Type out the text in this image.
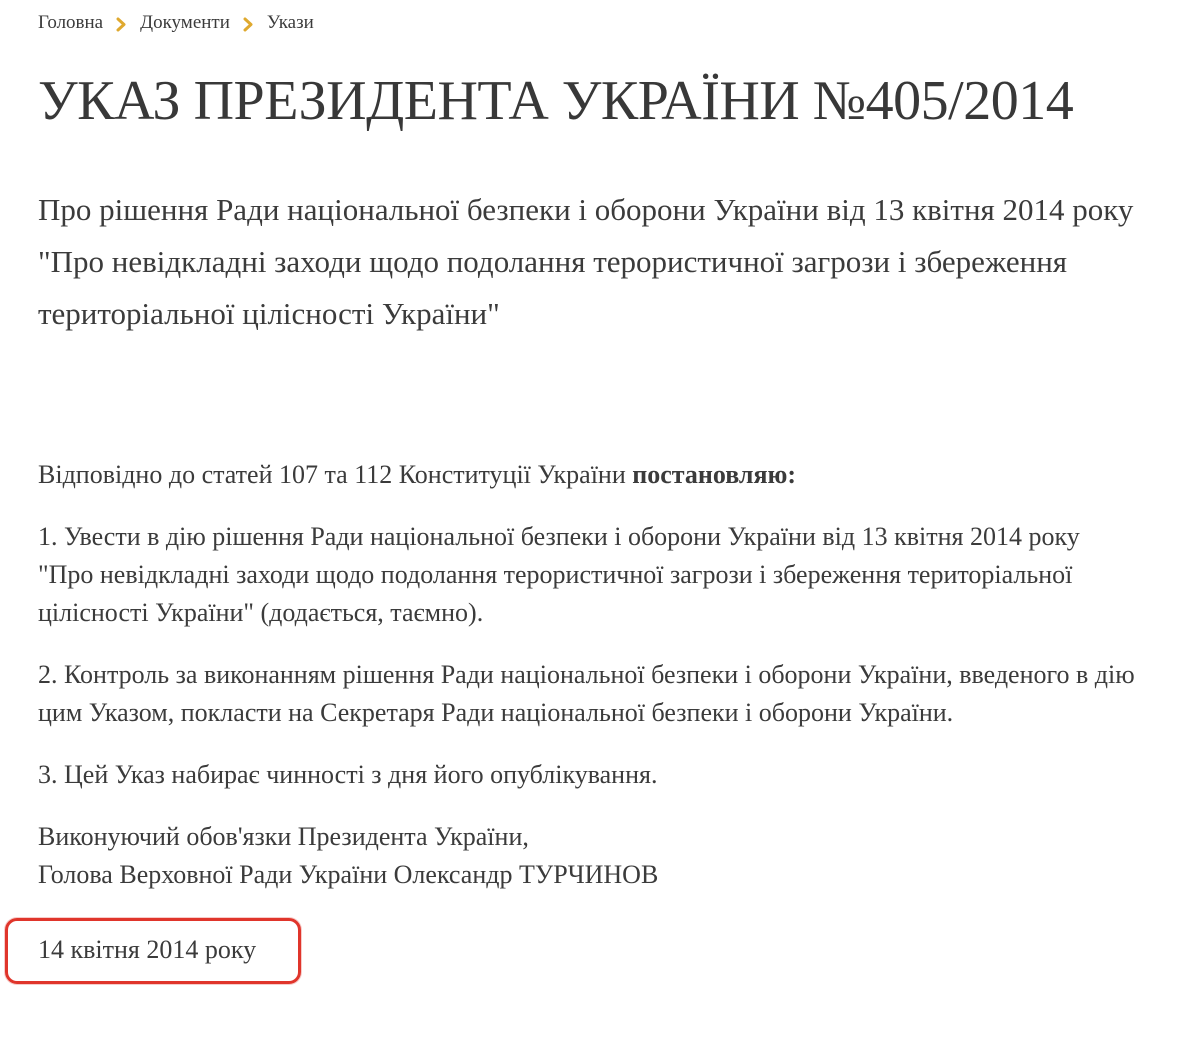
Головна Документи Укази
УКАЗ ПРЕЗИДЕНТА УКРАЇНИ №405/2014
Про рішення Ради національної безпеки і оборони України від 13 квітня 2014 року "Про невідкладні заходи щодо подолання терористичної загрози і збереження територіальної цілісності України"

Відповідно до статей 107 та 112 Конституції України постановляю:

1. Увести в дію рішення Ради національної безпеки і оборони України від 13 квітня 2014 року "Про невідкладні заходи щодо подолання терористичної загрози і збереження територіальної цілісності України" (додається, таємно).

2. Контроль за виконанням рішення Ради національної безпеки і оборони України, введеного в дію цим Указом, покласти на Секретаря Ради національної безпеки і оборони України.

3. Цей Указ набирає чинності з дня його опублікування.

Виконуючий обов'язки Президента України,
Голова Верховної Ради України Олександр ТУРЧИНОВ

14 квітня 2014 року
